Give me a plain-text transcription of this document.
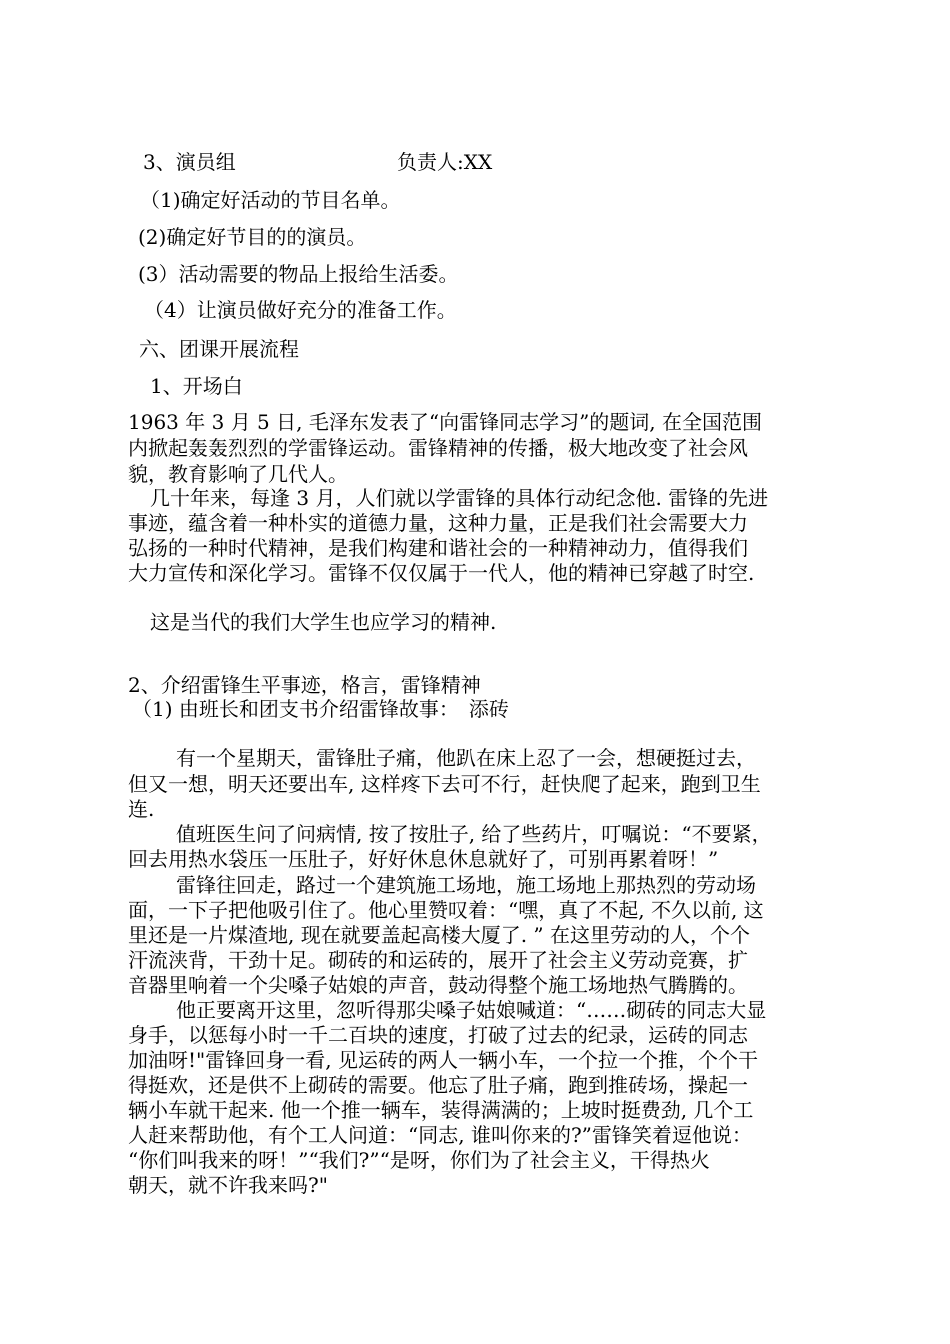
3、演员组	负责人:XX
（1)确定好活动的节目名单。
(2)确定好节目的的演员。
(3）活动需要的物品上报给生活委。
（4）让演员做好充分的准备工作。
六、团课开展流程
1、开场白
1963 年 3 月 5 日, 毛泽东发表了“向雷锋同志学习”的题词, 在全国范围
内掀起轰轰烈烈的学雷锋运动。雷锋精神的传播，极大地改变了社会风
貌，教育影响了几代人。
几十年来，每逢 3 月，人们就以学雷锋的具体行动纪念他. 雷锋的先进
事迹，蕴含着一种朴实的道德力量，这种力量，正是我们社会需要大力
弘扬的一种时代精神，是我们构建和谐社会的一种精神动力，值得我们
大力宣传和深化学习。雷锋不仅仅属于一代人，他的精神已穿越了时空.
这是当代的我们大学生也应学习的精神.
2、介绍雷锋生平事迹，格言，雷锋精神
（1) 由班长和团支书介绍雷锋故事：　添砖
有一个星期天，雷锋肚子痛，他趴在床上忍了一会，想硬挺过去，
但又一想，明天还要出车, 这样疼下去可不行，赶快爬了起来，跑到卫生
连.
值班医生问了问病情, 按了按肚子, 给了些药片，叮嘱说：“不要紧，
回去用热水袋压一压肚子，好好休息休息就好了，可别再累着呀！”
雷锋往回走，路过一个建筑施工场地，施工场地上那热烈的劳动场
面，一下子把他吸引住了。他心里赞叹着：“嘿，真了不起, 不久以前, 这
里还是一片煤渣地, 现在就要盖起高楼大厦了. ” 在这里劳动的人，个个
汗流浃背，干劲十足。砌砖的和运砖的，展开了社会主义劳动竞赛，扩
音器里响着一个尖嗓子姑娘的声音，鼓动得整个施工场地热气腾腾的。
他正要离开这里，忽听得那尖嗓子姑娘喊道：“……砌砖的同志大显
身手，以惩每小时一千二百块的速度，打破了过去的纪录，运砖的同志
加油呀!"雷锋回身一看, 见运砖的两人一辆小车，一个拉一个推，个个干
得挺欢，还是供不上砌砖的需要。他忘了肚子痛，跑到推砖场，操起一
辆小车就干起来. 他一个推一辆车，装得满满的；上坡时挺费劲, 几个工
人赶来帮助他，有个工人问道：“同志, 谁叫你来的?”雷锋笑着逗他说：
“你们叫我来的呀！”“我们?”“是呀，你们为了社会主义，干得热火
朝天，就不许我来吗?"
